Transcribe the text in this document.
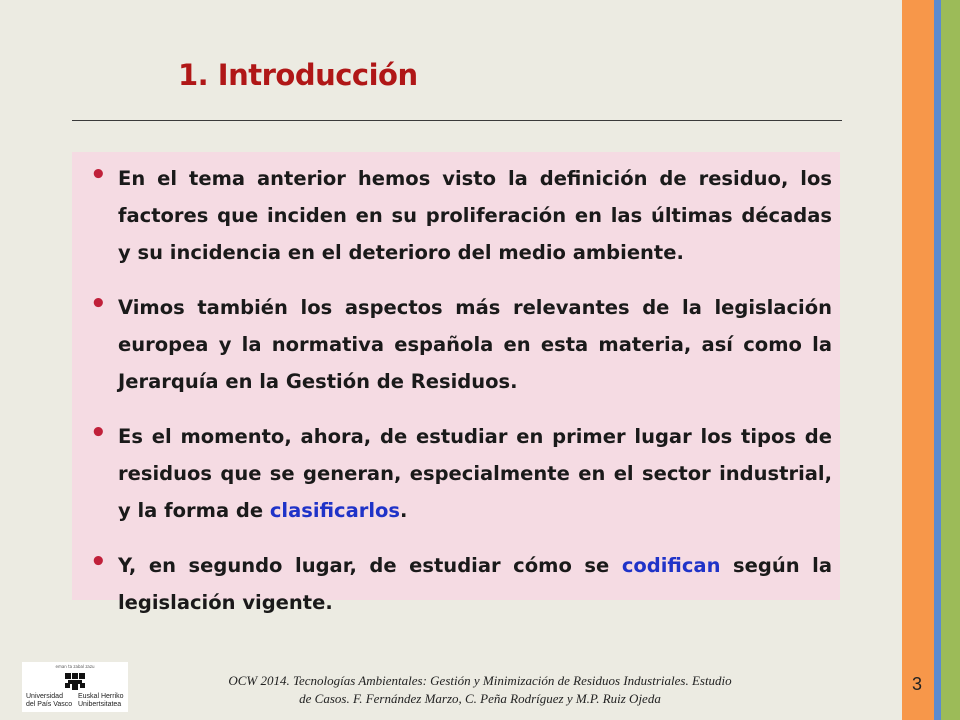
1. Introducción
• En el tema anterior hemos visto la definición de residuo, los factores que inciden en su proliferación en las últimas décadas y su incidencia en el deterioro del medio ambiente.
• Vimos también los aspectos más relevantes de la legislación europea y la normativa española en esta materia, así como la Jerarquía en la Gestión de Residuos.
• Es el momento, ahora, de estudiar en primer lugar los tipos de residuos que se generan, especialmente en el sector industrial, y la forma de clasificarlos.
• Y, en segundo lugar, de estudiar cómo se codifican según la legislación vigente.
eman ta zabal zazu
Universidad
del País Vasco
Euskal Herriko
Unibertsitatea
OCW 2014. Tecnologías Ambientales: Gestión y Minimización de Residuos Industriales. Estudio
de Casos. F. Fernández Marzo, C. Peña Rodríguez y M.P. Ruiz Ojeda
3
